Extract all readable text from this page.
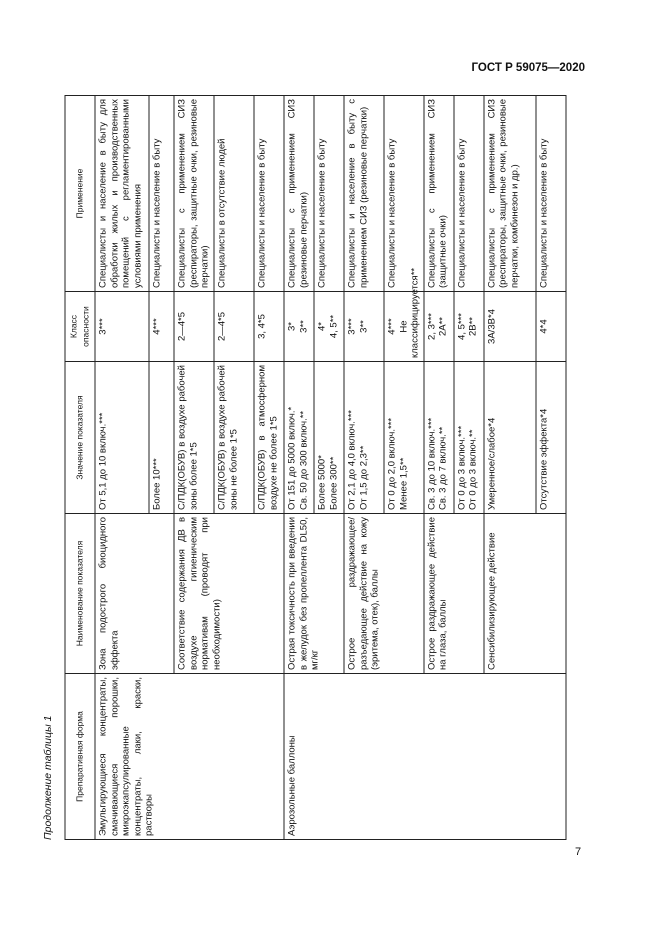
ГОСТ Р 59075—2020
Продолжение таблицы 1 Препаративная форма	Наименование показателя	Значение показателя	Класс опасности	Применение
Эмульгирующиеся концентраты, смачивающиеся порошки, микроэкапсулированные концентраты, лаки, краски, растворы	Зона подострого биоцидного эффекта	От 5,1 до 10 включ.***	3***	Специалисты и население в быту для обработки жилых и производственных помещений с регламентированными условиями применения
		Более 10***	4***	Специалисты и население в быту
	Соответствие содержания ДВ в воздухе гигиеническим нормативам (проводят при необходимости)	С/ПДК(ОБУВ) в воздухе рабочей зоны более 1*5	2—4*5	Специалисты с применением СИЗ (респираторы, защитные очки, резиновые перчатки)
		С/ПДК(ОБУВ) в воздухе рабочей зоны не более 1*5	2—4*5	Специалисты в отсутствие людей
		С/ПДК(ОБУВ) в атмосферном воздухе не более 1*5	3, 4*5	Специалисты и население в быту
Аэрозольные баллоны	Острая токсичность при введении в желудок без пропеллента DL50, мг/кг	От 151 до 5000 включ.* Св. 50 до 300 включ.**	3* 3**	Специалисты с применением СИЗ (резиновые перчатки)

		Более 5000* Более 300**	4* 4, 5**	Специалисты и население в быту
	Острое раздражающее/ разъедающее действие на кожу (эритема, отек), баллы	От 2,1 до 4,0 включ.*** От 1,5 до 2,3**	3*** 3**	Специалисты и население в быту с применением СИЗ (резиновые перчатки)

		От 0 до 2,0 включ.*** Менее 1,5**	4*** Не классифицируется**	Специалисты и население в быту
	Острое раздражающее действие на глаза, баллы	Св. 3 до 10 включ.*** Св. 3 до 7 включ.**	2, 3*** 2A**	Специалисты с применением СИЗ (защитные очки)

		От 0 до 3 включ.*** От 0 до 3 включ.**	4, 5*** 2B**	Специалисты и население в быту
	Сенсибилизирующее действие	Умеренное/слабое*4	3A/3B*4	Специалисты с применением СИЗ (респираторы, защитные очки, резиновые перчатки, комбинезон и др.)
		Отсутствие эффекта*4	4*4	Специалисты и население в быту
7
